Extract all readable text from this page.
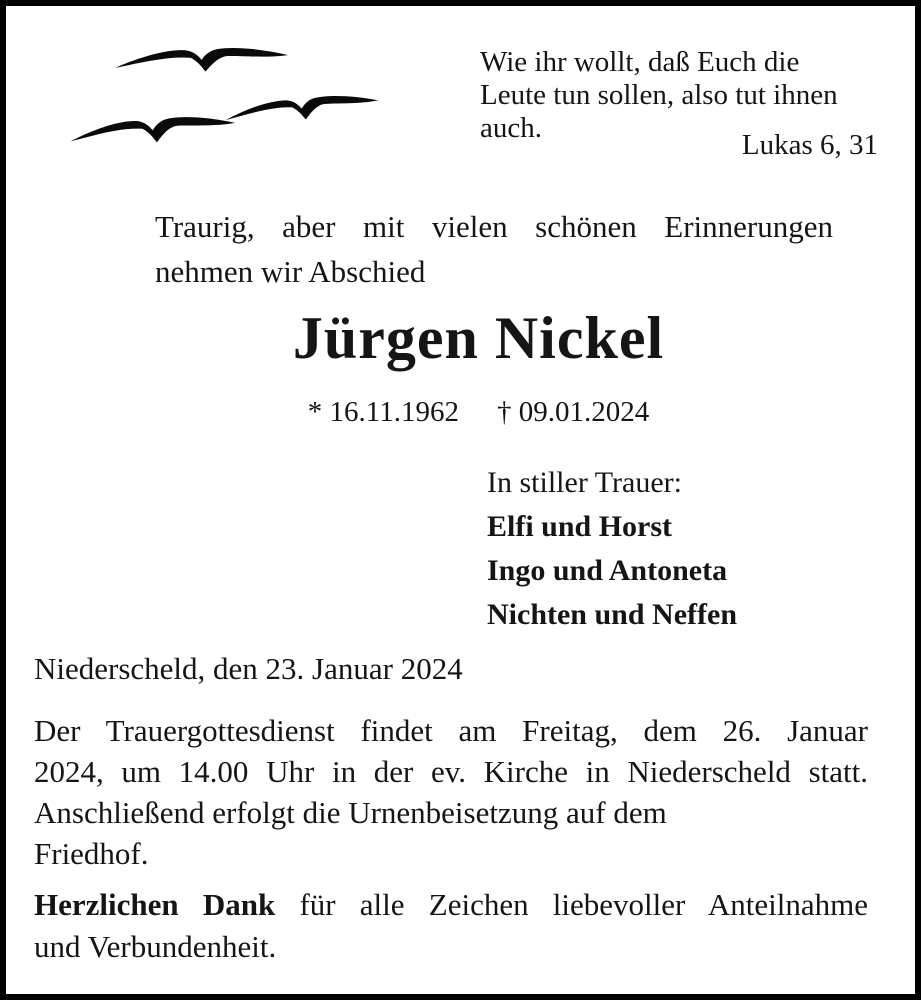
Wie ihr wollt, daß Euch die
Leute tun sollen, also tut ihnen
auch.
Lukas 6, 31
Traurig, aber mit vielen schönen Erinnerungen
nehmen wir Abschied
Jürgen Nickel
* 16.11.1962 † 09.01.2024
In stiller Trauer:
Elfi und Horst
Ingo und Antoneta
Nichten und Neffen
Niederscheld, den 23. Januar 2024
Der Trauergottesdienst findet am Freitag, dem 26. Januar
2024, um 14.00 Uhr in der ev. Kirche in Niederscheld statt.
Anschließend erfolgt die Urnenbeisetzung auf dem
Friedhof.
Herzlichen Dank für alle Zeichen liebevoller Anteilnahme
und Verbundenheit.
